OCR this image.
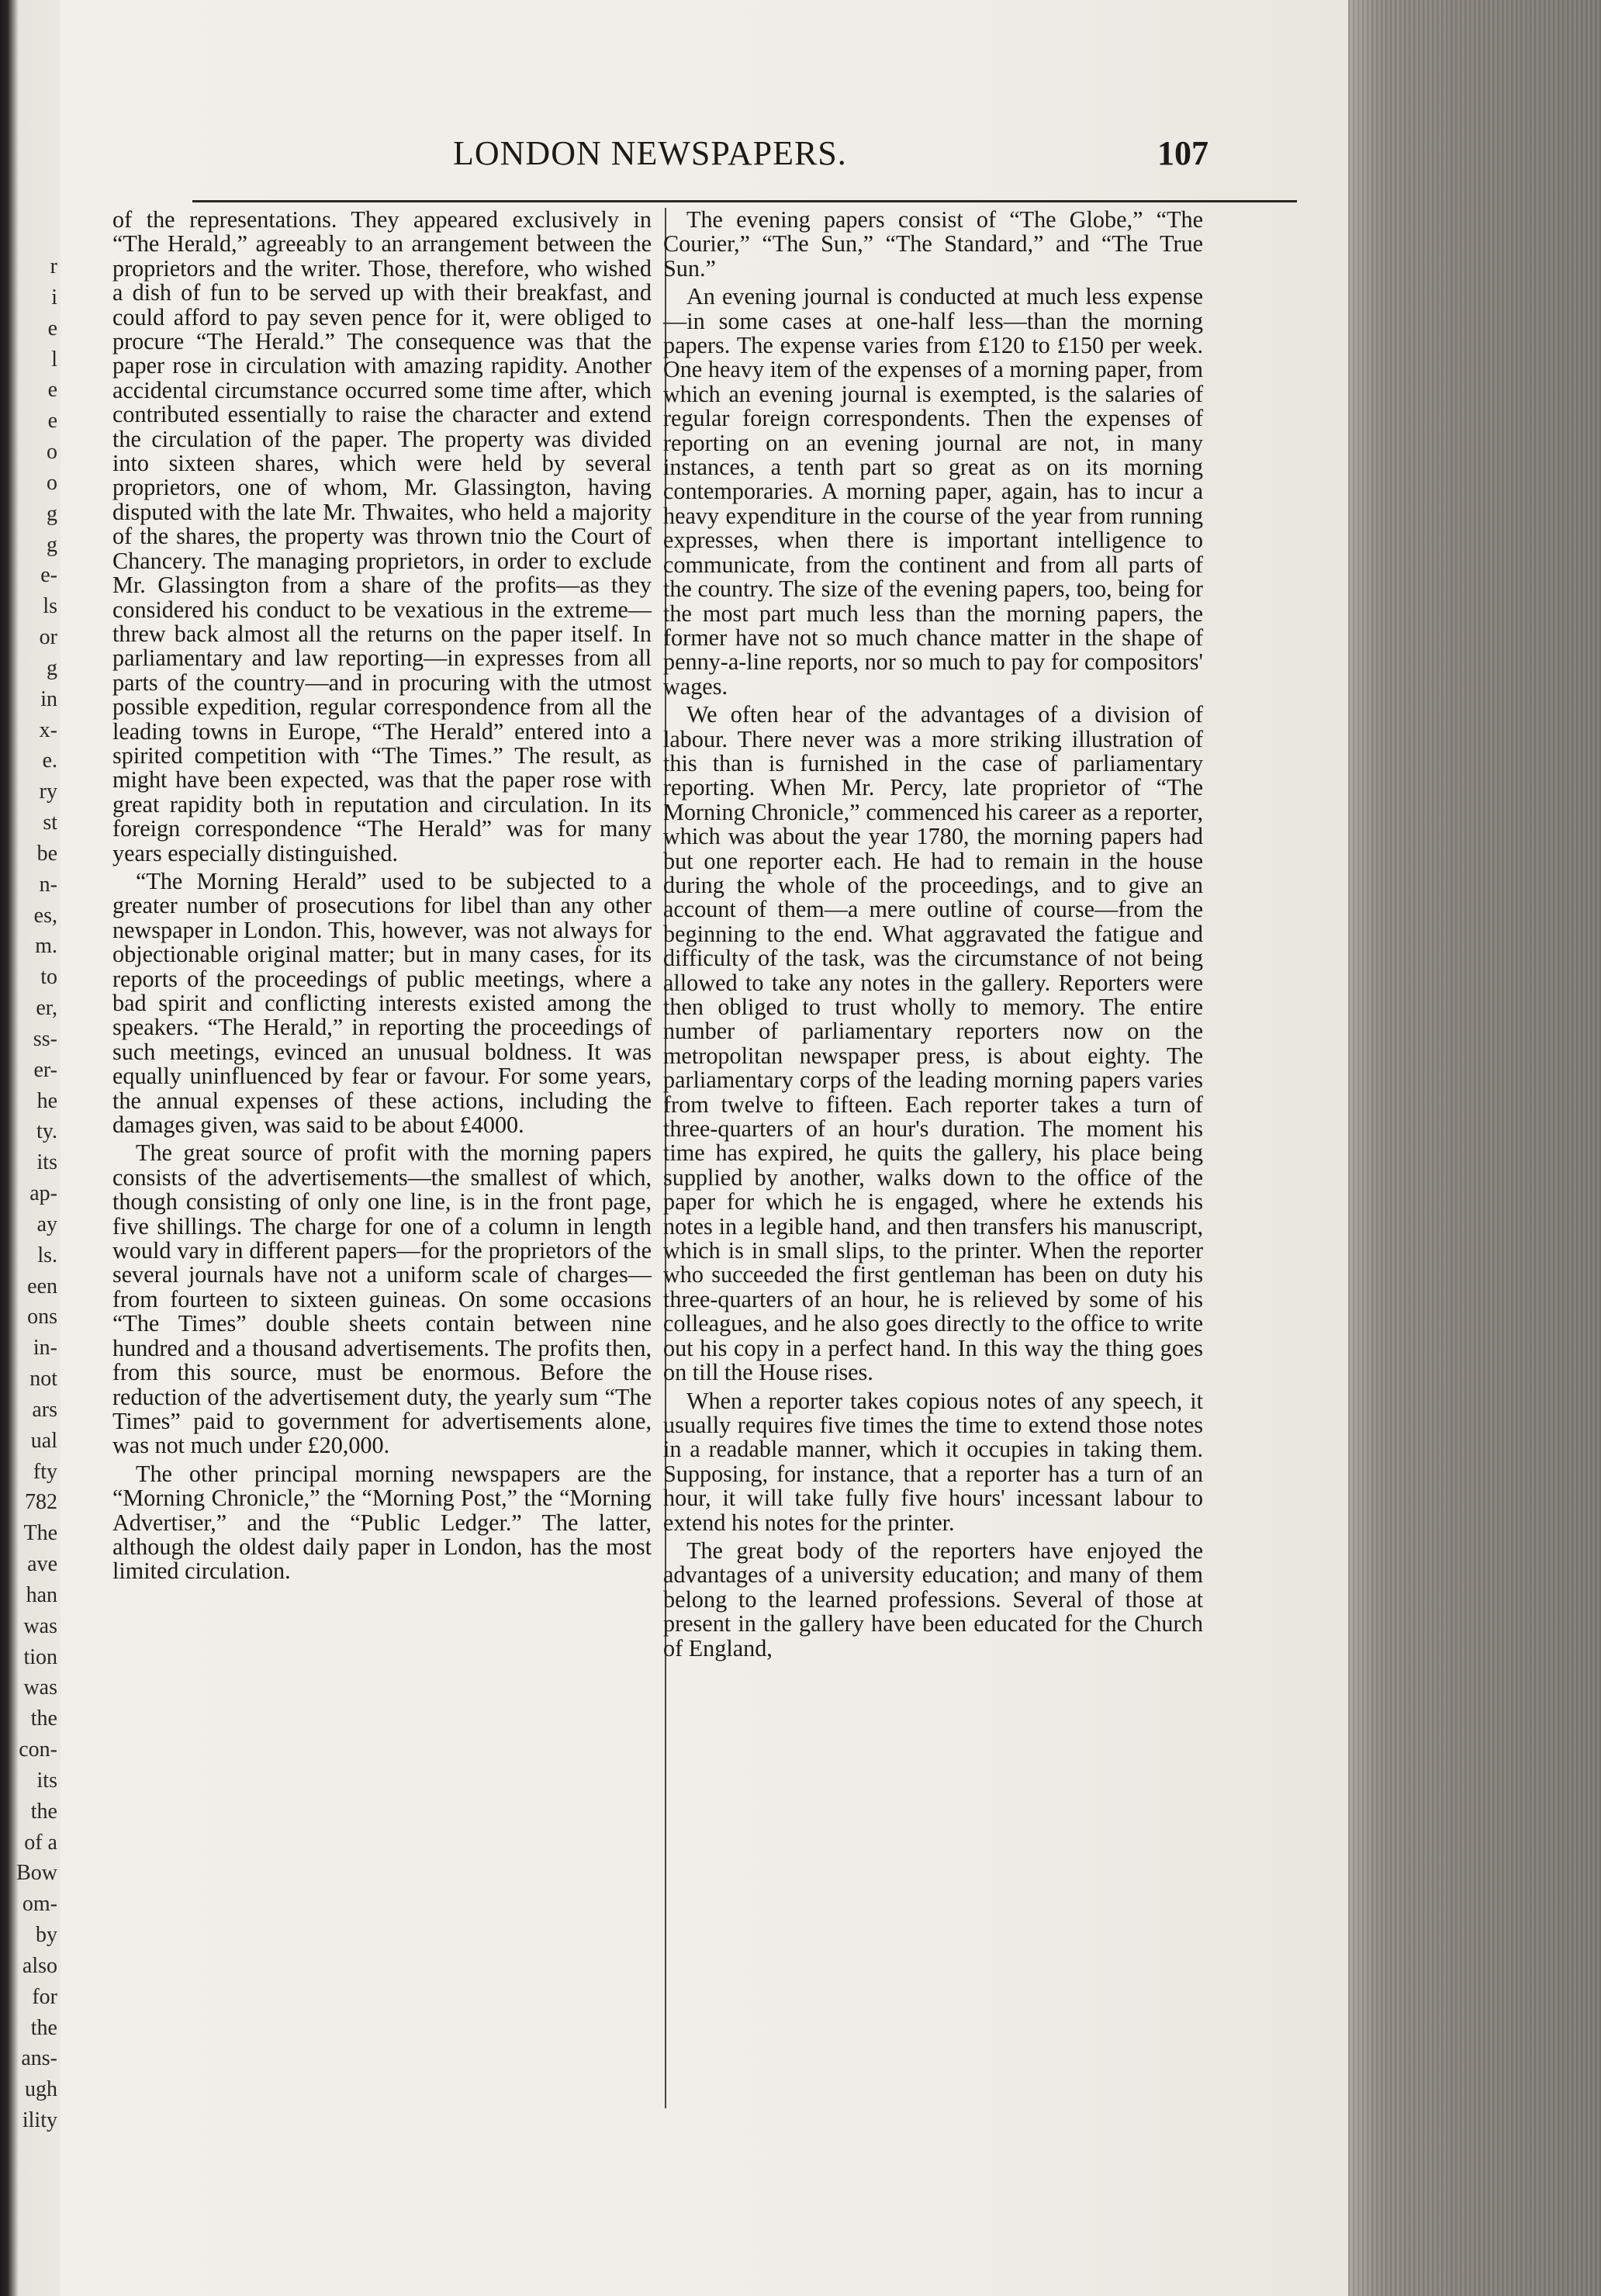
r
i
e
l
e
e
o
o
g
g
e-
ls
or
g
in
x-
e.
ry
st
be
n-
es,
m.
to
er,
ss-
er-
he
ty.
its
ap-
ay
ls.
een
ons
in-
not
ars
ual
fty
782
The
ave
han
was
tion
was
the
con-
its
the
of a
Bow
om-
by
also
for
the
ans-
ugh
ility
LONDON NEWSPAPERS.	107

of the representations. They appeared exclusively in “The Herald,” agreeably to an arrangement between the proprietors and the writer. Those, therefore, who wished a dish of fun to be served up with their breakfast, and could afford to pay seven pence for it, were obliged to procure “The Herald.” The consequence was that the paper rose in circulation with amazing rapidity. Another accidental circumstance occurred some time after, which contributed essentially to raise the character and extend the circulation of the paper. The property was divided into sixteen shares, which were held by several proprietors, one of whom, Mr. Glassington, having disputed with the late Mr. Thwaites, who held a majority of the shares, the property was thrown tnio the Court of Chancery. The managing proprietors, in order to exclude Mr. Glassington from a share of the profits—as they considered his conduct to be vexatious in the extreme—threw back almost all the returns on the paper itself. In parliamentary and law reporting—in expresses from all parts of the country—and in procuring with the utmost possible expedition, regular correspondence from all the leading towns in Europe, “The Herald” entered into a spirited competition with “The Times.” The result, as might have been expected, was that the paper rose with great rapidity both in reputation and circulation. In its foreign correspondence “The Herald” was for many years especially distinguished.

“The Morning Herald” used to be subjected to a greater number of prosecutions for libel than any other newspaper in London. This, however, was not always for objectionable original matter; but in many cases, for its reports of the proceedings of public meetings, where a bad spirit and conflicting interests existed among the speakers. “The Herald,” in reporting the proceedings of such meetings, evinced an unusual boldness. It was equally uninfluenced by fear or favour. For some years, the annual expenses of these actions, including the damages given, was said to be about £4000.

The great source of profit with the morning papers consists of the advertisements—the smallest of which, though consisting of only one line, is in the front page, five shillings. The charge for one of a column in length would vary in different papers—for the proprietors of the several journals have not a uniform scale of charges—from fourteen to sixteen guineas. On some occasions “The Times” double sheets contain between nine hundred and a thousand advertisements. The profits then, from this source, must be enormous. Before the reduction of the advertisement duty, the yearly sum “The Times” paid to government for advertisements alone, was not much under £20,000.

The other principal morning newspapers are the “Morning Chronicle,” the “Morning Post,” the “Morning Advertiser,” and the “Public Ledger.” The latter, although the oldest daily paper in London, has the most limited circulation.

The evening papers consist of “The Globe,” “The Courier,” “The Sun,” “The Standard,” and “The True Sun.”

An evening journal is conducted at much less expense—in some cases at one-half less—than the morning papers. The expense varies from £120 to £150 per week. One heavy item of the expenses of a morning paper, from which an evening journal is exempted, is the salaries of regular foreign correspondents. Then the expenses of reporting on an evening journal are not, in many instances, a tenth part so great as on its morning contemporaries. A morning paper, again, has to incur a heavy expenditure in the course of the year from running expresses, when there is important intelligence to communicate, from the continent and from all parts of the country. The size of the evening papers, too, being for the most part much less than the morning papers, the former have not so much chance matter in the shape of penny-a-line reports, nor so much to pay for compositors' wages.

We often hear of the advantages of a division of labour. There never was a more striking illustration of this than is furnished in the case of parliamentary reporting. When Mr. Percy, late proprietor of “The Morning Chronicle,” commenced his career as a reporter, which was about the year 1780, the morning papers had but one reporter each. He had to remain in the house during the whole of the proceedings, and to give an account of them—a mere outline of course—from the beginning to the end. What aggravated the fatigue and difficulty of the task, was the circumstance of not being allowed to take any notes in the gallery. Reporters were then obliged to trust wholly to memory. The entire number of parliamentary reporters now on the metropolitan newspaper press, is about eighty. The parliamentary corps of the leading morning papers varies from twelve to fifteen. Each reporter takes a turn of three-quarters of an hour's duration. The moment his time has expired, he quits the gallery, his place being supplied by another, walks down to the office of the paper for which he is engaged, where he extends his notes in a legible hand, and then transfers his manuscript, which is in small slips, to the printer. When the reporter who succeeded the first gentleman has been on duty his three-quarters of an hour, he is relieved by some of his colleagues, and he also goes directly to the office to write out his copy in a perfect hand. In this way the thing goes on till the House rises.

When a reporter takes copious notes of any speech, it usually requires five times the time to extend those notes in a readable manner, which it occupies in taking them. Supposing, for instance, that a reporter has a turn of an hour, it will take fully five hours' incessant labour to extend his notes for the printer.

The great body of the reporters have enjoyed the advantages of a university education; and many of them belong to the learned professions. Several of those at present in the gallery have been educated for the Church of England,
